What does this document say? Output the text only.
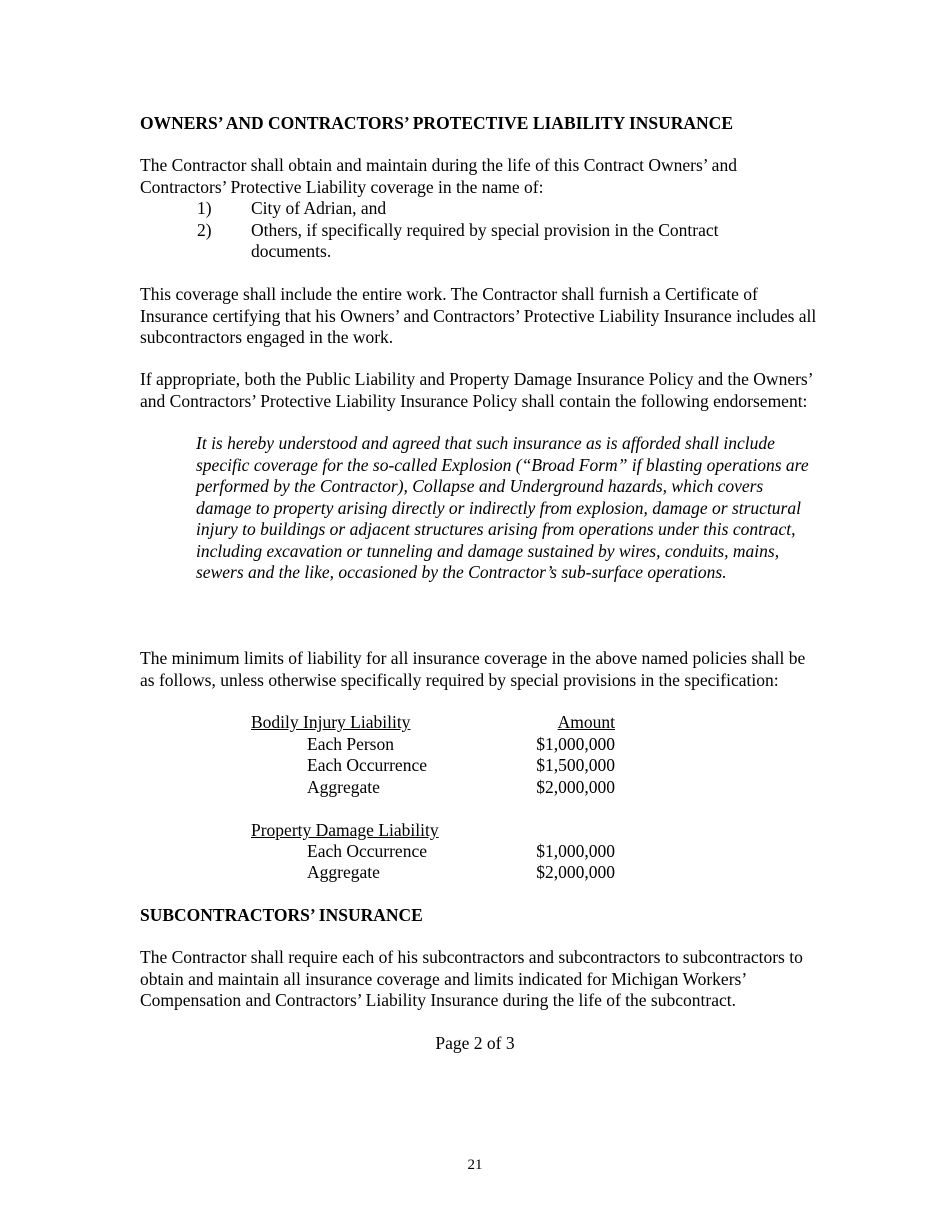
OWNERS’ AND CONTRACTORS’ PROTECTIVE LIABILITY INSURANCE

The Contractor shall obtain and maintain during the life of this Contract Owners’ and Contractors’ Protective Liability coverage in the name of:

1) City of Adrian, and
2) Others, if specifically required by special provision in the Contract documents.

This coverage shall include the entire work. The Contractor shall furnish a Certificate of Insurance certifying that his Owners’ and Contractors’ Protective Liability Insurance includes all subcontractors engaged in the work.

If appropriate, both the Public Liability and Property Damage Insurance Policy and the Owners’ and Contractors’ Protective Liability Insurance Policy shall contain the following endorsement:

It is hereby understood and agreed that such insurance as is afforded shall include specific coverage for the so-called Explosion (“Broad Form” if blasting operations are performed by the Contractor), Collapse and Underground hazards, which covers damage to property arising directly or indirectly from explosion, damage or structural injury to buildings or adjacent structures arising from operations under this contract, including excavation or tunneling and damage sustained by wires, conduits, mains, sewers and the like, occasioned by the Contractor’s sub-surface operations.

The minimum limits of liability for all insurance coverage in the above named policies shall be as follows, unless otherwise specifically required by special provisions in the specification:

Bodily Injury Liability	Amount
Each Person	$1,000,000
Each Occurrence	$1,500,000
Aggregate	$2,000,000
Property Damage Liability
Each Occurrence	$1,000,000
Aggregate	$2,000,000
SUBCONTRACTORS’ INSURANCE

The Contractor shall require each of his subcontractors and subcontractors to subcontractors to obtain and maintain all insurance coverage and limits indicated for Michigan Workers’ Compensation and Contractors’ Liability Insurance during the life of the subcontract.

Page 2 of 3
21
